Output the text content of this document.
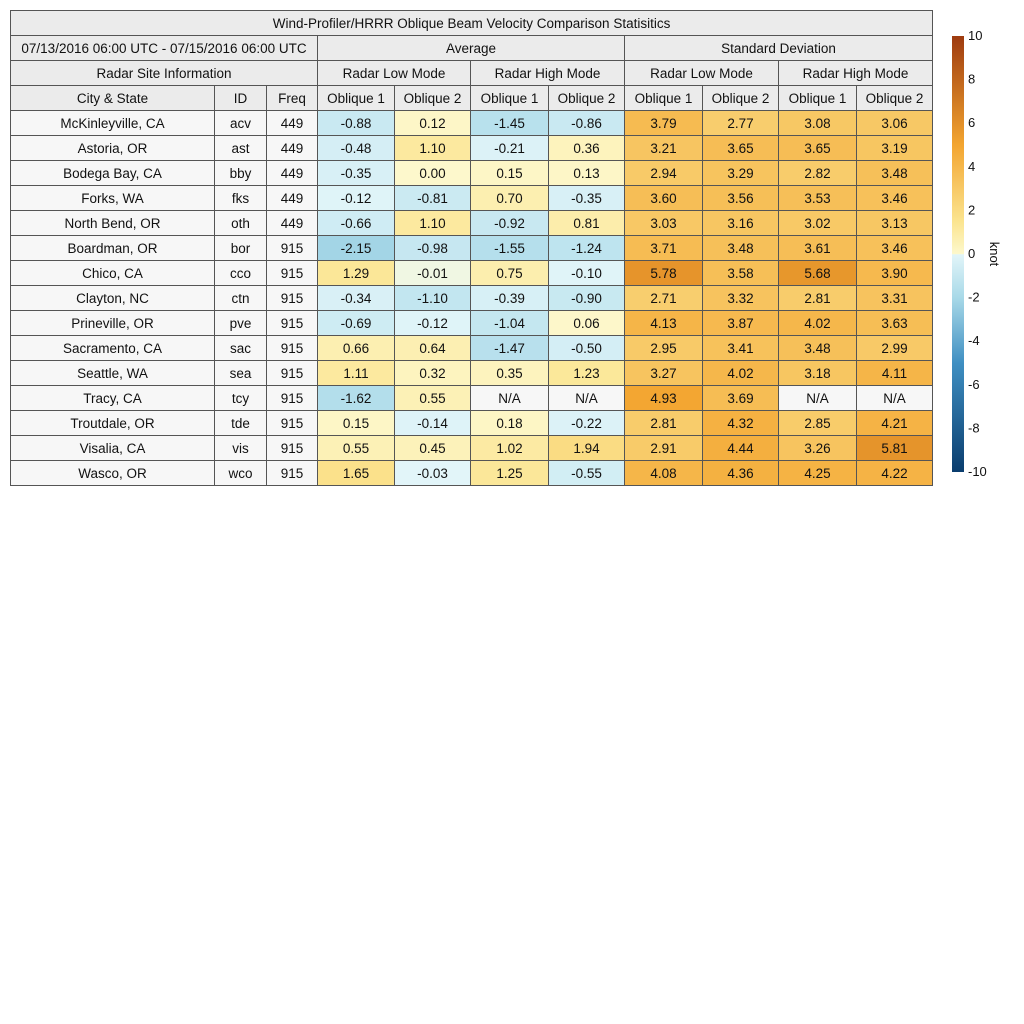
Wind-Profiler/HRRR Oblique Beam Velocity Comparison Statisitics										
07/13/2016 06:00 UTC - 07/15/2016 06:00 UTC			Average				Standard Deviation			
Radar Site Information			Radar Low Mode		Radar High Mode		Radar Low Mode		Radar High Mode	
City & State	ID	Freq	Oblique 1	Oblique 2	Oblique 1	Oblique 2	Oblique 1	Oblique 2	Oblique 1	Oblique 2
McKinleyville, CA	acv	449	-0.88	0.12	-1.45	-0.86	3.79	2.77	3.08	3.06
Astoria, OR	ast	449	-0.48	1.10	-0.21	0.36	3.21	3.65	3.65	3.19
Bodega Bay, CA	bby	449	-0.35	0.00	0.15	0.13	2.94	3.29	2.82	3.48
Forks, WA	fks	449	-0.12	-0.81	0.70	-0.35	3.60	3.56	3.53	3.46
North Bend, OR	oth	449	-0.66	1.10	-0.92	0.81	3.03	3.16	3.02	3.13
Boardman, OR	bor	915	-2.15	-0.98	-1.55	-1.24	3.71	3.48	3.61	3.46
Chico, CA	cco	915	1.29	-0.01	0.75	-0.10	5.78	3.58	5.68	3.90
Clayton, NC	ctn	915	-0.34	-1.10	-0.39	-0.90	2.71	3.32	2.81	3.31
Prineville, OR	pve	915	-0.69	-0.12	-1.04	0.06	4.13	3.87	4.02	3.63
Sacramento, CA	sac	915	0.66	0.64	-1.47	-0.50	2.95	3.41	3.48	2.99
Seattle, WA	sea	915	1.11	0.32	0.35	1.23	3.27	4.02	3.18	4.11
Tracy, CA	tcy	915	-1.62	0.55	N/A	N/A	4.93	3.69	N/A	N/A
Troutdale, OR	tde	915	0.15	-0.14	0.18	-0.22	2.81	4.32	2.85	4.21
Visalia, CA	vis	915	0.55	0.45	1.02	1.94	2.91	4.44	3.26	5.81
Wasco, OR	wco	915	1.65	-0.03	1.25	-0.55	4.08	4.36	4.25	4.22
10
8
6
4
2
0
-2
-4
-6
-8
-10
knot
